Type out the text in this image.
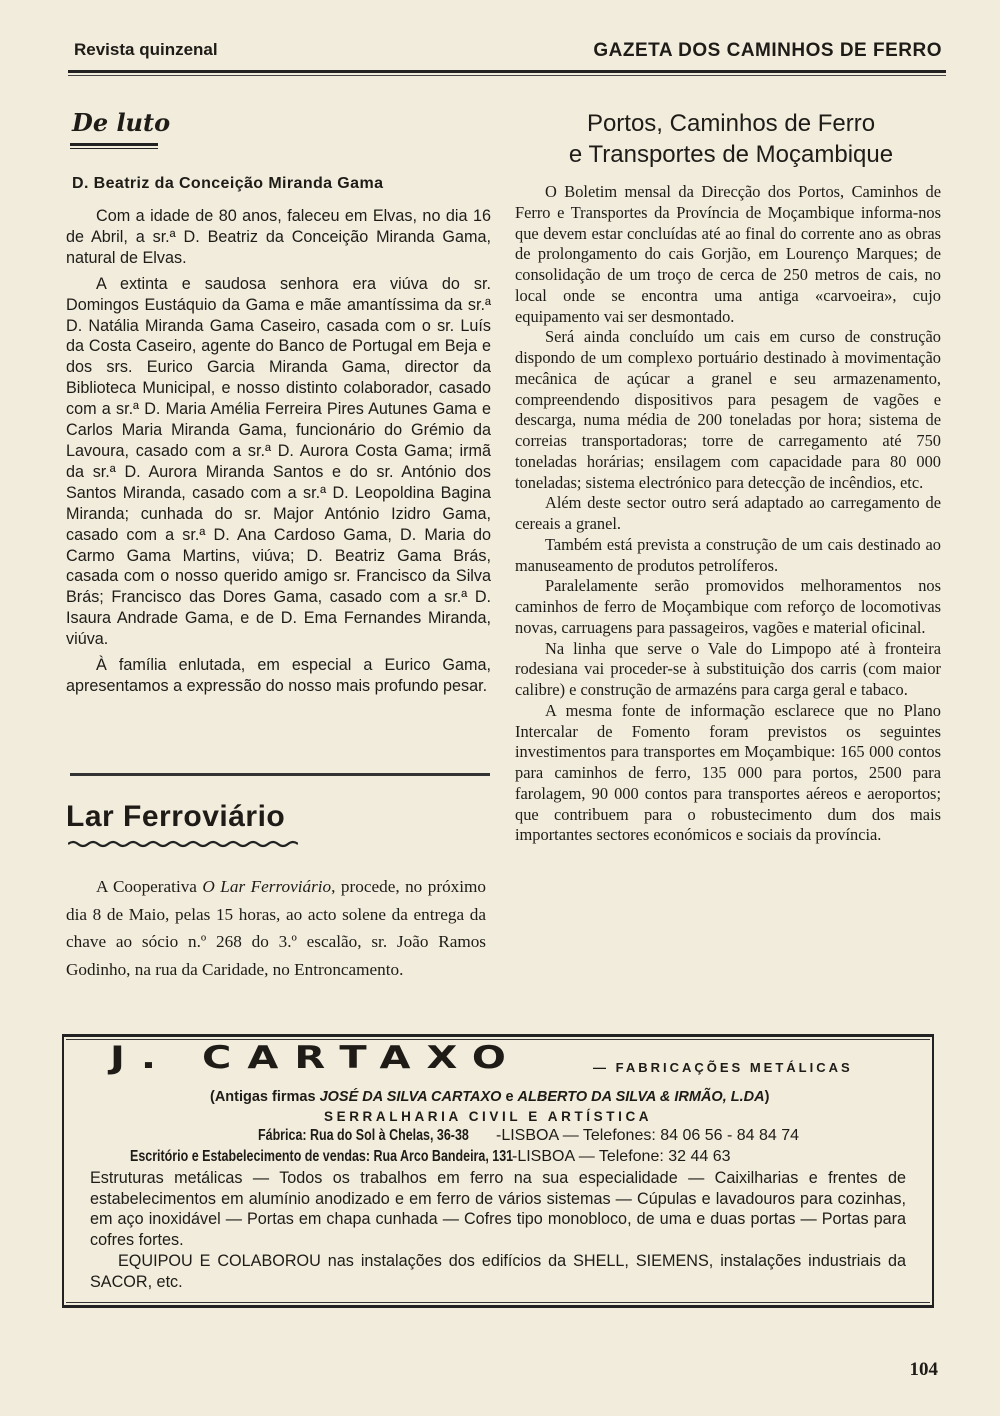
Revista quinzenal	GAZETA DOS CAMINHOS DE FERRO
De luto
D. Beatriz da Conceição Miranda Gama

Com a idade de 80 anos, faleceu em Elvas, no dia 16 de Abril, a sr.ª D. Beatriz da Conceição Miranda Gama, natural de Elvas.

A extinta e saudosa senhora era viúva do sr. Domingos Eustáquio da Gama e mãe amantíssima da sr.ª D. Natália Miranda Gama Caseiro, casada com o sr. Luís da Costa Caseiro, agente do Banco de Portugal em Beja e dos srs. Eurico Garcia Miranda Gama, director da Biblioteca Municipal, e nosso distinto colaborador, casado com a sr.ª D. Maria Amélia Ferreira Pires Autunes Gama e Carlos Maria Miranda Gama, funcionário do Grémio da Lavoura, casado com a sr.ª D. Aurora Costa Gama; irmã da sr.ª D. Aurora Miranda Santos e do sr. António dos Santos Miranda, casado com a sr.ª D. Leopoldina Bagina Miranda; cunhada do sr. Major António Izidro Gama, casado com a sr.ª D. Ana Cardoso Gama, D. Maria do Carmo Gama Martins, viúva; D. Beatriz Gama Brás, casada com o nosso querido amigo sr. Francisco da Silva Brás; Francisco das Dores Gama, casado com a sr.ª D. Isaura Andrade Gama, e de D. Ema Fernandes Miranda, viúva.

À família enlutada, em especial a Eurico Gama, apresentamos a expressão do nosso mais profundo pesar.

Lar Ferroviário

A Cooperativa O Lar Ferroviário, procede, no próximo dia 8 de Maio, pelas 15 horas, ao acto solene da entrega da chave ao sócio n.º 268 do 3.º escalão, sr. João Ramos Godinho, na rua da Caridade, no Entroncamento.

Portos, Caminhos de Ferro
e Transportes de Moçambique

O Boletim mensal da Direcção dos Portos, Caminhos de Ferro e Transportes da Província de Moçambique informa-nos que devem estar concluídas até ao final do corrente ano as obras de prolongamento do cais Gorjão, em Lourenço Marques; de consolidação de um troço de cerca de 250 metros de cais, no local onde se encontra uma antiga «carvoeira», cujo equipamento vai ser desmontado.

Será ainda concluído um cais em curso de construção dispondo de um complexo portuário destinado à movimentação mecânica de açúcar a granel e seu armazenamento, compreendendo dispositivos para pesagem de vagões e descarga, numa média de 200 toneladas por hora; sistema de correias transportadoras; torre de carregamento até 750 toneladas horárias; ensilagem com capacidade para 80 000 toneladas; sistema electrónico para detecção de incêndios, etc.

Além deste sector outro será adaptado ao carregamento de cereais a granel.

Também está prevista a construção de um cais destinado ao manuseamento de produtos petrolíferos.

Paralelamente serão promovidos melhoramentos nos caminhos de ferro de Moçambique com reforço de locomotivas novas, carruagens para passageiros, vagões e material oficinal.

Na linha que serve o Vale do Limpopo até à fronteira rodesiana vai proceder-se à substituição dos carris (com maior calibre) e construção de armazéns para carga geral e tabaco.

A mesma fonte de informação esclarece que no Plano Intercalar de Fomento foram previstos os seguintes investimentos para transportes em Moçambique: 165 000 contos para caminhos de ferro, 135 000 para portos, 2500 para farolagem, 90 000 contos para transportes aéreos e aeroportos; que contribuem para o robustecimento dum dos mais importantes sectores económicos e sociais da província.

J. CARTAXO	— FABRICAÇÕES METÁLICAS
(Antigas firmas JOSÉ DA SILVA CARTAXO e ALBERTO DA SILVA & IRMÃO, L.DA)
SERRALHARIA CIVIL E ARTÍSTICA
Fábrica: Rua do Sol à Chelas, 36-38 -LISBOA — Telefones: 84 06 56 - 84 84 74
Escritório e Estabelecimento de vendas: Rua Arco Bandeira, 131-LISBOA — Telefone: 32 44 63

Estruturas metálicas — Todos os trabalhos em ferro na sua especialidade — Caixilharias e frentes de estabelecimentos em alumínio anodizado e em ferro de vários sistemas — Cúpulas e lavadouros para cozinhas, em aço inoxidável — Portas em chapa cunhada — Cofres tipo monobloco, de uma e duas portas — Portas para cofres fortes.

EQUIPOU E COLABOROU nas instalações dos edifícios da SHELL, SIEMENS, instalações industriais da SACOR, etc.

104
